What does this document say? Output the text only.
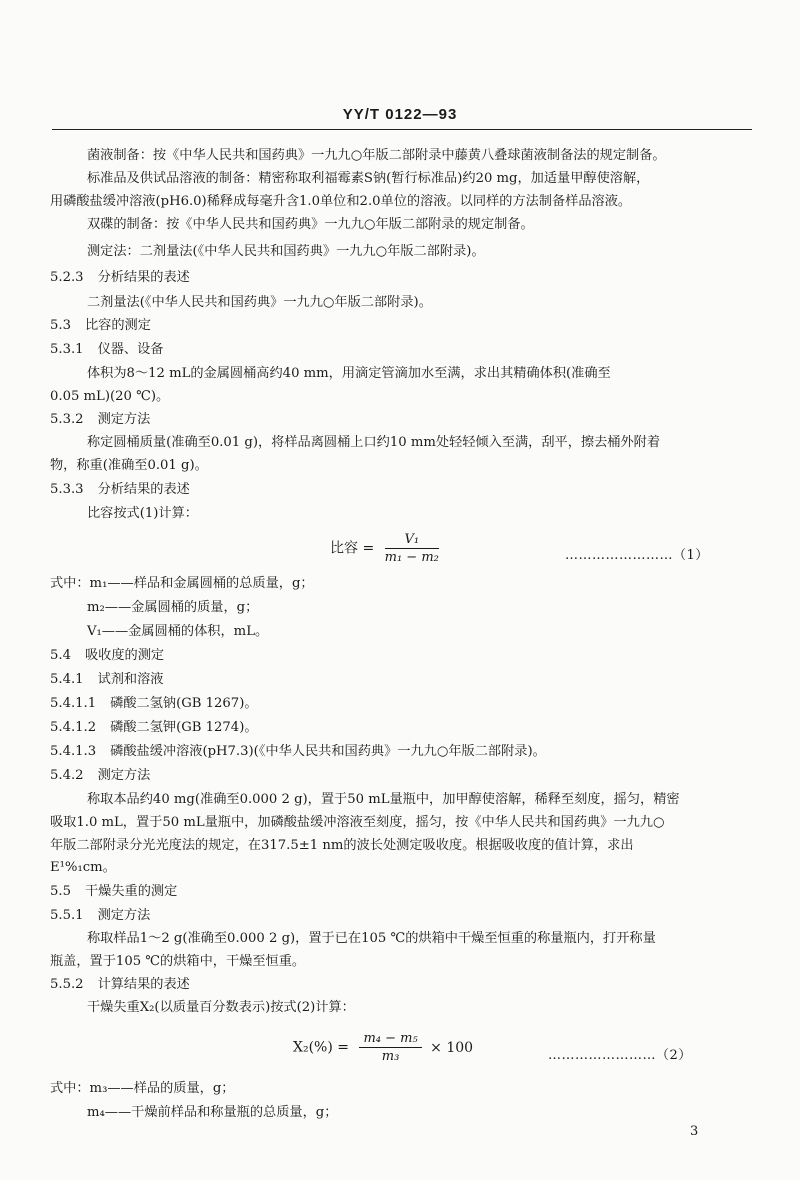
YY/T 0122—93
菌液制备：按《中华人民共和国药典》一九九○年版二部附录中藤黄八叠球菌液制备法的规定制备。
标准品及供试品溶液的制备：精密称取利福霉素S钠(暂行标准品)约20 mg，加适量甲醇使溶解，
用磷酸盐缓冲溶液(pH6.0)稀释成每毫升含1.0单位和2.0单位的溶液。以同样的方法制备样品溶液。
双碟的制备：按《中华人民共和国药典》一九九○年版二部附录的规定制备。
测定法：二剂量法(《中华人民共和国药典》一九九○年版二部附录)。
5.2.3 分析结果的表述
二剂量法(《中华人民共和国药典》一九九○年版二部附录)。
5.3 比容的测定
5.3.1 仪器、设备
体积为8～12 mL的金属圆桶高约40 mm，用滴定管滴加水至满，求出其精确体积(准确至
0.05 mL)(20 ℃)。
5.3.2 测定方法
称定圆桶质量(准确至0.01 g)，将样品离圆桶上口约10 mm处轻轻倾入至满，刮平，擦去桶外附着
物，称重(准确至0.01 g)。
5.3.3 分析结果的表述
比容按式(1)计算：
式中：m₁——样品和金属圆桶的总质量，g；
m₂——金属圆桶的质量，g；
V₁——金属圆桶的体积，mL。
5.4 吸收度的测定
5.4.1 试剂和溶液
5.4.1.1 磷酸二氢钠(GB 1267)。
5.4.1.2 磷酸二氢钾(GB 1274)。
5.4.1.3 磷酸盐缓冲溶液(pH7.3)(《中华人民共和国药典》一九九○年版二部附录)。
5.4.2 测定方法
称取本品约40 mg(准确至0.000 2 g)，置于50 mL量瓶中，加甲醇使溶解，稀释至刻度，摇匀，精密
吸取1.0 mL，置于50 mL量瓶中，加磷酸盐缓冲溶液至刻度，摇匀，按《中华人民共和国药典》一九九○
年版二部附录分光光度法的规定，在317.5±1 nm的波长处测定吸收度。根据吸收度的值计算，求出
E¹%₁cm。
5.5 干燥失重的测定
5.5.1 测定方法
称取样品1～2 g(准确至0.000 2 g)，置于已在105 ℃的烘箱中干燥至恒重的称量瓶内，打开称量
瓶盖，置于105 ℃的烘箱中，干燥至恒重。
5.5.2 计算结果的表述
干燥失重X₂(以质量百分数表示)按式(2)计算：
式中：m₃——样品的质量，g；
m₄——干燥前样品和称量瓶的总质量，g；
比容 = $\frac{\text{V₁}}{\text{m₁ − m₂}}$	……………………（1）
$X_2(\%) = \frac{\text{m₄ − m₅}}{\text{m₃}} \times 100$	……………………（2）
3
